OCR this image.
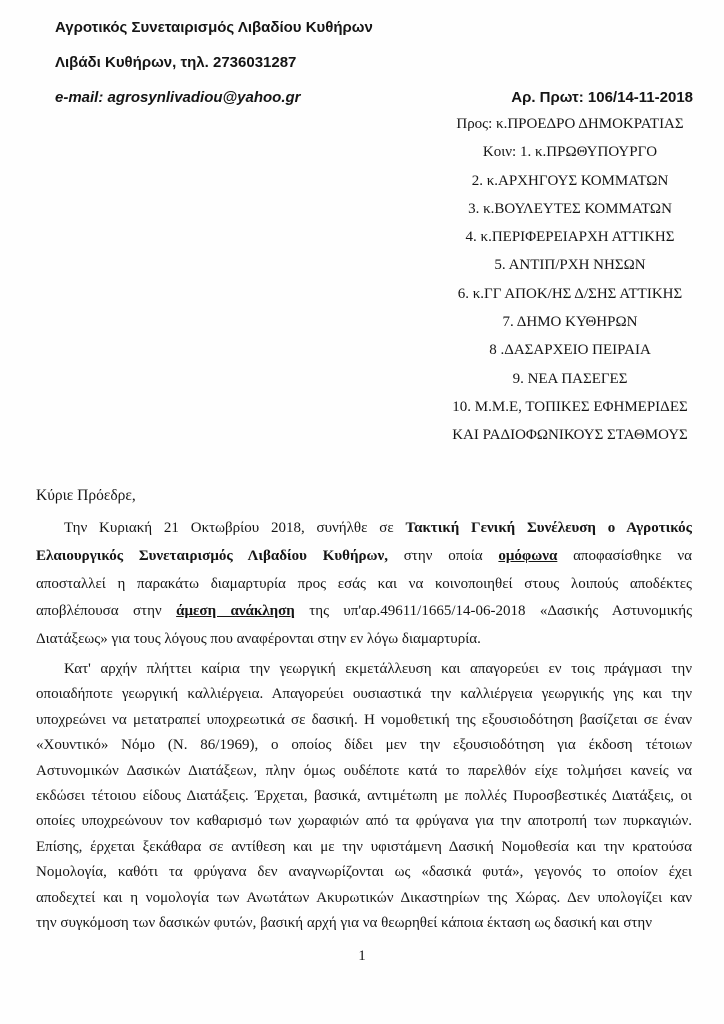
Αγροτικός Συνεταιρισμός Λιβαδίου Κυθήρων
Λιβάδι Κυθήρων, τηλ. 2736031287
e-mail: agrosynlivadiou@yahoo.gr	Αρ. Πρωτ: 106/14-11-2018
Προς: κ.ΠΡΟΕΔΡΟ ΔΗΜΟΚΡΑΤΙΑΣ
Κοιν: 1. κ.ΠΡΩΘΥΠΟΥΡΓΟ
2. κ.ΑΡΧΗΓΟΥΣ ΚΟΜΜΑΤΩΝ
3. κ.ΒΟΥΛΕΥΤΕΣ ΚΟΜΜΑΤΩΝ
4. κ.ΠΕΡΙΦΕΡΕΙΑΡΧΗ ΑΤΤΙΚΗΣ
5. ΑΝΤΙΠ/ΡΧΗ ΝΗΣΩΝ
6. κ.ΓΓ ΑΠΟΚ/ΗΣ Δ/ΣΗΣ ΑΤΤΙΚΗΣ
7. ΔΗΜΟ ΚΥΘΗΡΩΝ
8 .ΔΑΣΑΡΧΕΙΟ ΠΕΙΡΑΙΑ
9. ΝΕΑ ΠΑΣΕΓΕΣ
10. Μ.Μ.Ε, ΤΟΠΙΚΕΣ ΕΦΗΜΕΡΙΔΕΣ
ΚΑΙ ΡΑΔΙΟΦΩΝΙΚΟΥΣ ΣΤΑΘΜΟΥΣ
Κύριε Πρόεδρε,
Την Κυριακή 21 Οκτωβρίου 2018, συνήλθε σε Τακτική Γενική Συνέλευση ο Αγροτικός
Ελαιουργικός Συνεταιρισμός Λιβαδίου Κυθήρων, στην οποία ομόφωνα αποφασίσθηκε να
αποσταλλεί η παρακάτω διαμαρτυρία προς εσάς και να κοινοποιηθεί στους λοιπούς αποδέκτες
αποβλέπουσα στην άμεση ανάκληση της υπ'αρ.49611/1665/14-06-2018 «Δασικής Αστυνομικής
Διατάξεως» για τους λόγους που αναφέρονται στην εν λόγω διαμαρτυρία.
Κατ' αρχήν πλήττει καίρια την γεωργική εκμετάλλευση και απαγορεύει εν τοις πράγμασι την
οποιαδήποτε γεωργική καλλιέργεια. Απαγορεύει ουσιαστικά την καλλιέργεια γεωργικής γης και την
υποχρεώνει να μετατραπεί υποχρεωτικά σε δασική. Η νομοθετική της εξουσιοδότηση βασίζεται σε έναν
«Χουντικό» Νόμο (Ν. 86/1969), ο οποίος δίδει μεν την εξουσιοδότηση για έκδοση τέτοιων
Αστυνομικών Δασικών Διατάξεων, πλην όμως ουδέποτε κατά το παρελθόν είχε τολμήσει κανείς να
εκδώσει τέτοιου είδους Διατάξεις. Έρχεται, βασικά, αντιμέτωπη με πολλές Πυροσβεστικές Διατάξεις, οι
οποίες υποχρεώνουν τον καθαρισμό των χωραφιών από τα φρύγανα για την αποτροπή των πυρκαγιών.
Επίσης, έρχεται ξεκάθαρα σε αντίθεση και με την υφιστάμενη Δασική Νομοθεσία και την κρατούσα
Νομολογία, καθότι τα φρύγανα δεν αναγνωρίζονται ως «δασικά φυτά», γεγονός το οποίον έχει
αποδεχτεί και η νομολογία των Ανωτάτων Ακυρωτικών Δικαστηρίων της Χώρας. Δεν υπολογίζει καν
την συγκόμοση των δασικών φυτών, βασική αρχή για να θεωρηθεί κάποια έκταση ως δασική και στην
1
